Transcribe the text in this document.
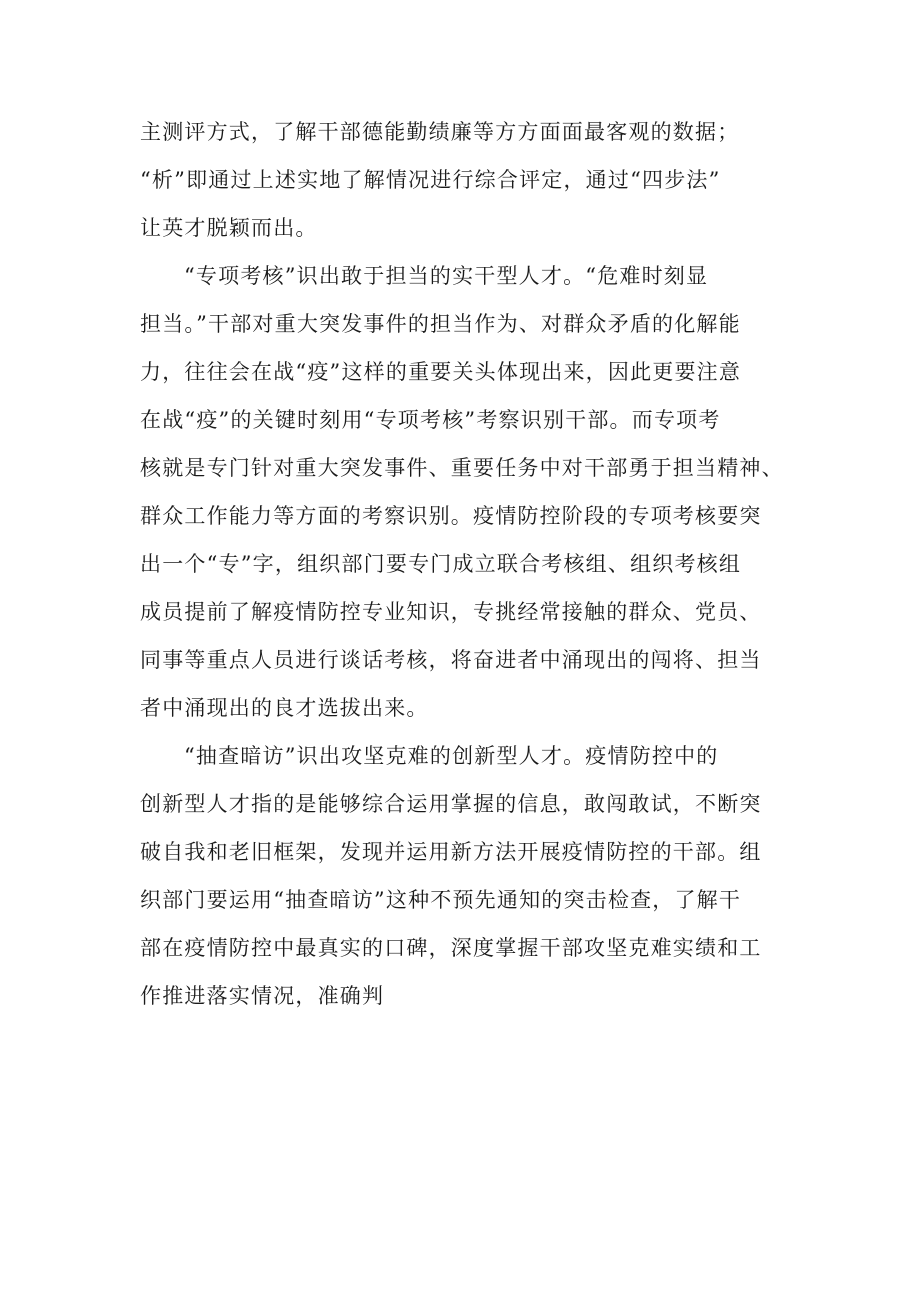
主测评方式，了解干部德能勤绩廉等方方面面最客观的数据；
“析”即通过上述实地了解情况进行综合评定，通过“四步法”
让英才脱颖而出。
“专项考核”识出敢于担当的实干型人才。“危难时刻显
担当。”干部对重大突发事件的担当作为、对群众矛盾的化解能
力，往往会在战“疫”这样的重要关头体现出来，因此更要注意
在战“疫”的关键时刻用“专项考核”考察识别干部。而专项考
核就是专门针对重大突发事件、重要任务中对干部勇于担当精神、
群众工作能力等方面的考察识别。疫情防控阶段的专项考核要突
出一个“专”字，组织部门要专门成立联合考核组、组织考核组
成员提前了解疫情防控专业知识，专挑经常接触的群众、党员、
同事等重点人员进行谈话考核，将奋进者中涌现出的闯将、担当
者中涌现出的良才选拔出来。
“抽查暗访”识出攻坚克难的创新型人才。疫情防控中的
创新型人才指的是能够综合运用掌握的信息，敢闯敢试，不断突
破自我和老旧框架，发现并运用新方法开展疫情防控的干部。组
织部门要运用“抽查暗访”这种不预先通知的突击检查，了解干
部在疫情防控中最真实的口碑，深度掌握干部攻坚克难实绩和工
作推进落实情况，准确判
